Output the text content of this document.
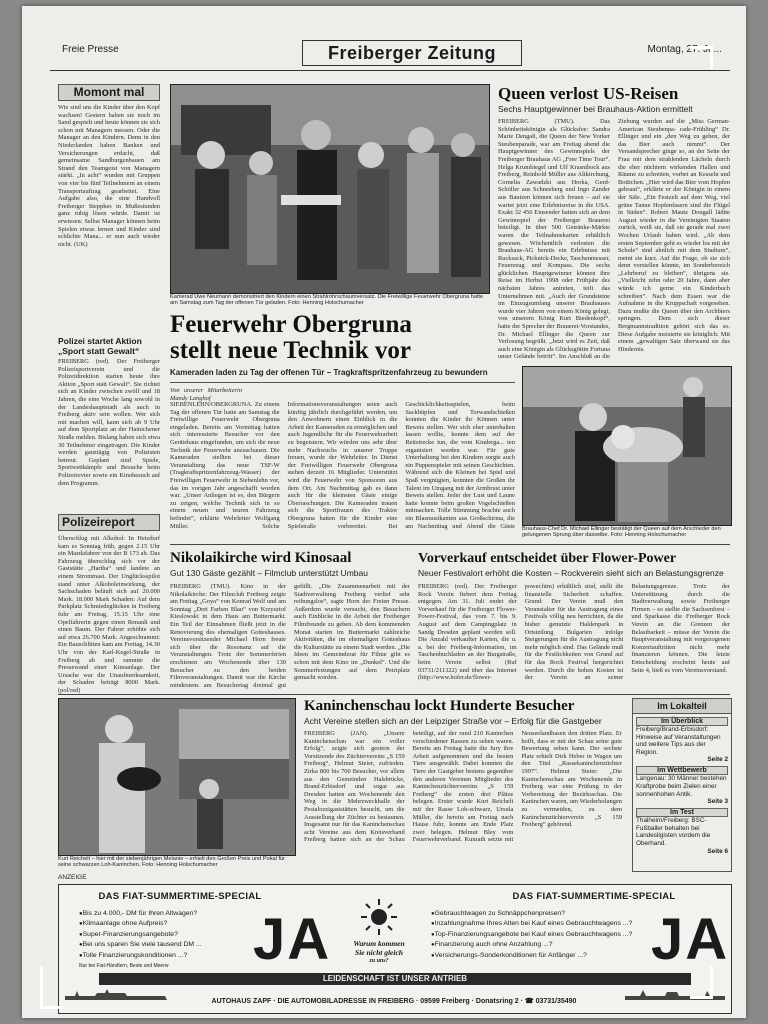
Freie Presse	Freiberger Zeitung	Montag, 27. Ju...
Momont mal
Wie sind uns die Kinder über den Kopf wachsen! Gestern haben sie noch im Sand gespielt und heute können sie sich schon mit Managern messen. Oder die Manager an den Kindern. Denn in den Niederlanden haben Banken und Versicherungen erdacht, daß gemeinsame Sandburgenbauen am Strand den Teamgeist von Managern stärkt. „In acht“ wurden mit Gruppen von vier bis fünf Teilnehmern an einem Transportauftrag gearbeitet. Eine Aufgabe also, die eine Handvoll Freiberger Steppkes in Mußestunden ganz ruhig lösen würde. Damit ist erwiesen: Selbst Manager können beim Spielen etwas lernen und Kinder sind schlichte Mana... er nun auch wieder nicht. (UK)
Polizei startet Aktion „Sport statt Gewalt“
FREIBERG (red). Der Freiberger Polizeisportverein und die Polizeidirektion starten heute ihre Aktion „Sport statt Gewalt“. Sie richtet sich an Kinder zwischen zwölf und 18 Jahren, die eine Woche lang sowohl in der Landeshauptstadt als auch in Freiberg aktiv sein wollen. Wer sich mit machen will, kann sich ab 9 Uhr auf dem Sportplatz an der Hainichener Straße melden. Bislang haben sich etwa 30 Teilnehmer eingetragen. Die Kinder werden ganztägig von Polizisten betreut. Geplant sind Spiele, Sportwettkämpfe und Besuche beim Polizeirevier sowie ein Kinobesuch auf dem Programm.
Polizeireport
Überschlug mit Alkohol: In Hetzdorf kam es Sonntag früh, gegen 2.15 Uhr ein Mazdafahrer von der B 173 ab. Das Fahrzeug überschlug sich vor der Gaststätte „Hartha“ und landete an einem Strommast. Der Unglücksspilot stand unter Alkoholeinwirkung, der Sachschaden beläuft sich auf 20.000 Mark. 18.000 Mark Schaden: Auf dem Parkplatz Schmiedeglücken in Freiberg fuhr am Freitag, 15.15 Uhr eine Opelfahrerin gegen einen Renault und einen Baum. Der Fahrer erhöhte sich auf etwa 26.700 Mark. Angeschrammt: Ein Bauschlitten kam am Freitag, 14.30 Uhr von der Karl-Kegel-Straße in Freiberg ab und rammte die Pressewand einer Kinoanlage. Der Ursache war die Unaufmerksamkeit, der Schaden beträgt 8000 Mark. (pol/red)
Kamerad Uwe Neumann demonstriert den Kindern einen Strahlrohrschaumversatz. Die Freiwillige Feuerwehr Obergruna hatte am Samstag zum Tag der offenen Tür geladen. Foto: Henning Holschumacher
Feuerwehr Obergruna
stellt neue Technik vor
Kameraden laden zu Tag der offenen Tür – Tragkraftspritzenfahrzeug zu bewundern
Von unserer Mitarbeiterin Mandy Langhof
SIEBENLEHN/OBERGRUNA. Zu einem Tag der offenen Tür hatte am Samstag die Freiwillige Feuerwehr Obergruna eingeladen. Bereits am Vormittag hatten sich interessierte Besucher vor den Gerätehaus eingefunden, um sich die neue Technik der Feuerwehr anzuschauen. Die Kameraden stellten bei dieser Veranstaltung das neue TSF-W (Tragkraftspritzenfahrzeug-Wasser) der Freiwilligen Feuerwehr in Siebenlehn vor, das im vorigen Jahr angeschafft worden war. „Unser Anliegen ist es, den Bürgern zu zeigen, welche Technik sich in so einem neuen und teuren Fahrzeug befindet“, erklärte Wehrleiter Wolfgang Müller. Solche Informationsveranstaltungen seien auch künftig jährlich durchgeführt werden, um den Anwohnern einen Einblick in die Arbeit der Kameraden zu ermöglichen und auch Jugendliche für die Feuerwehrarbeit zu begeistern. Wir würden uns sehr über mehr Nachwuchs in unserer Truppe freuen, wurde der Wehrleiter. In Dienst der Freiwilligen Feuerwehr Obergruna stehen derzeit 16 Mitglieder. Unterstützt wird die Feuerwehr von Sponsoren aus dem Ort. Am Nachmittag gab es dann auch für die kleinsten Gäste einige Überraschungen. Die Kameraden trauen sich die Sportfrauen des Traktor Obergruna hatten für die Kinder eine Spielstraße vorbereitet. Bei Geschicklichkeitsspielen, beim Sackhüpfen und Torwandschießen konnten die Kinder ihr Können unter Beweis stellen. Wer sich eher unterhalten lassen wollte, konnte dem auf der Reitstrecke tun, die vom Kinderga... ten organisiert werden war. Für gute Unterhaltung bei den Kindern sorgte auch ein Puppenspieler mit seinen Geschichten. Während sich die Kleinen bei Spiel und Spaß vergnügten, konnten die Großen ihr Talent im Umgang mit der Armbrust unter Beweis stellen. Jeder der Lust und Laune hatte konnte beim großen Vogelschießen mitmachen. Tolle Stimmung brachte auch ein Blasmusikanten aus Großschirma, die am Nachmittag und Abend die Gäste
Queen verlost US-Reisen
Sechs Hauptgewinner bei Brauhaus-Aktion ermittelt
FREIBERG (TMU). Das Schönheitskönigin als Glücksfee: Sandra Marie Dengali, die Queen der New Yorker Steubenparade, war am Freitag abend die Hauptgewinner des Gewinnspiels der Freiberger Brauhaus AG „Free Time Tour“. Helga Krumbiegel und Ulf Krasnibock aus Freiberg, Reinhold Müller aus Altkirchung, Cornelia Zawadzki aus Horka, Gerd-Schöller aus Schneeberg und Ingo Zander aus Bautzen können sich freuen – auf sie wartet jetzt eine Erlebnisreise in die USA. Exakt 32 456 Einsender hatten sich an dem Gewinnspiel der Freiberger Brauerei beteiligt. In über 500 Getränke-Märkte waren die Teilnahmekarten erhältlich gewesen. Wöchentlich verlosten die Brauhaus-AG bereits ein Erlebnisse mit Rucksack, Picknick-Decke, Taschenmesser, Feuerzeug und Kompass. Die sechs glücklichen Hauptgewinner können ihre Reise im Herbst 1998 oder Frühjahr des nächsten Jahres antreten, teilt das Unternehmen mit. „Auch der Grundsteine im Einzugsumfang unserer Brauhauses wurde vier Jahren von einem König gelegt, von unserem König Kurt Biedenkopf“, hatte der Sprecher der Brauerei-Vorstandes, Dr. Michael Ellinger die Queen zur Verlosung begrüßt. „Jetzt wird es Zeit, daß auch eine Königin als Glücksgöttin Fortuna unser Gelände betritt“. Im Anschluß an die Ziehung wurden auf die „Miss German-American Steubenpa- rade-Frühling“ Dr. Ellinger und ein „den Weg zu gehen, der das Bier auch nimmt“. Der Versandsprecher ginge so, an der Seite der Frau mit dem strahlenden Lächeln durch die eher nüchtern wirkenden Hallen und Räume zu schreiten, vorbei an Kesseln und Bottichen. „Hier wird das Bier vom Hopfen gebraut“, erklärte er der Königin in einem der Säle. „Ein Festzelt auf dem Weg, viel grüne Tanne Hopfenfasern sind die Flügel in Süden“. Robert Mautz Dougall lädtte August wieder in die Vereinigten Staaten zurück, weiß sie, daß sie gerade mal zwei Wochen Urlaub haben wird. „Ab dem ersten September geht es wieder los mit der Schule“ sind ahnlich mit dem Studium“, meint sie kurz. Auf die Frage, ob sie sich denn vorstellen könnte, im Sonderbereich „Lehrberuf zu bleiben“, übrigens sie. „Vielleicht zehn oder 20 Jahre, dann aber würde ich gerne ein Kinderbuch schreiben“. Nach dem Essen war die Aufnahme in die Kruppschaft vorgesehen. Dazu mußte die Queen über den Archbiers springen. Dem sich dieser Bergmannstradition gehört sich das so. Diese Aufgabe meisterte sie königlich: Mit einem „gewaltigen Satz überwand sie das Hindernis.
Brauhaus-Chef Dr. Michael Ellinger bestätigt der Queen auf dem Arschleder den gelungenen Sprung über dasselbe. Foto: Henning Holschumacher
Nikolaikirche wird Kinosaal
Gut 130 Gäste gezählt – Filmclub unterstützt Umbau
FREIBERG (TMU). Kino in der Nikolaikirche: Der Filmclub Freiberg zeigte am Freitag „Goya“ von Konrad Wolf und am Sonntag „Drei Farben Blau“ von Krzysztof Kieslowski in dem Haus am Buttermarkt. Ein Teil der Einnahmen fließt jetzt in die Renovierung des ehemaligen Gotteshauses. Vereinsvorsitzender Michael Horn freute sich über die Resonanz auf die Veranstaltungen. Trotz der Sommerferien erschienen am Wochenende über 130 Besucher zu den beiden Filmveranstaltungen. Damit war die Kirche mindestens am Besuchertag dreimal gut gefüllt. „Die Zusammenarbeit mit der Stadtverwaltung Freiberg verlief sehr reibungslos“, sagte Horn der Freien Presse. Außerdem wurde versucht, den Besuchern auch Einblicke in die Arbeit der Freiberger Filmfreunde zu geben. Ab dem kommenden Monat starten im Buttermarkt zahlreiche Aktivitäten, die im ehemaligen Gotteshaus die Kulturstätte zu einem Stadt werden. „Die Ideen im Gemeinderat für Filme gibt es schon mit dem Kino im „Dunkel“. Und die Sommerfestungen auf dem Petriplatz gemacht worden.
Vorverkauf entscheidet über Flower-Power
Neuer Festivalort erhöht die Kosten – Rockverein sieht sich an Belastungsgrenze
FREIBERG (red). Der Freiberger Rock Verein fiebert dem Freitag entgegen. Am 31. Juli endet der Vorverkauf für die Freiberger Flower-Power-Festival, das vom 7. bis 9. August auf dem Campingplatz in Sandg Dresden geplant werden soll. Die Anzahl verkaufter Karten, die u. a. bei der Freiberg-Information, im Taschenbuchladen an der Burgstraße, beim Verein selbst (Ruf 03731/211322) und über das Internet (http://www.hofer.de/flower-power.htm) erhältlich sind, stellt die finanzielle Sicherheit schaffen. Grund: Der Verein muß den Veranstalter für die Austragung eines Festivals völlig neu herrichten, da die bisher genutzte Haldenpark in Ortsteilung Bulgarien infolge Steigerungen für die Austragung nicht mehr möglich sind. Das Gelände muß für die Festlichkeiten von Grund auf für das Rock Festival hergerichtet werden. Durch die hohen Kosten ist der Verein an seiner Belastungsgrenze. Trotz der Unterstützung durch die Stadtverwaltung sowie Freiberger Firmen – so stellte die Sachsenforst – und Sparkasse die Freiberger Rock Verein an die Grenzen der Belastbarkeit – müsse der Verein die Hauptveranstaltung mit vorgezogenen Konzertauftritten nicht mehr finanzieren können. Die letzte Entscheidung erscheint heute auf Seite 4, hieß es vom Vereinsvorstand.
Kurt Reichelt – hier mit der siebenjährigen Melanie – erhielt den Großen Preis und Pokal für seine schwarzen Loh-Kaninchen. Foto: Henning Holschumacher
Kaninchenschau lockt Hunderte Besucher
Acht Vereine stellen sich an der Leipziger Straße vor – Erfolg für die Gastgeber
FREIBERG (JAN). „Unsere Kaninchenschau war ein voller Erfolg“, zeigte sich gestern der Vorsitzende des Züchtervereins „S 159 Freiberg“, Helmut Steier, zufrieden. Zirka 800 bis 700 Besucher, vor allem aus den Gemeinden Halsbrücke, Brand-Erbisdorf und sogar aus Dresden hatten am Wochenende den Weg in die Mehrzweckhalle der Pestalozzigaststätten besucht, um die Ausstellung der Züchter zu bestaunen. Insgesamt nur für das Kaninchenschau acht Vereine aus dem Kreisverband Freiberg hatten sich an der Schau beteiligt, auf der rund 210 Kaninchen verschiedener Rassen zu sehen waren. Bereits am Freitag hatte die Jury ihre Arbeit aufgenommen und die besten Tiere ausgewählt. Dabei konnten die Tiere der Gastgeber bestens gegenüber den anderen Vereinen Mitglieder des Kaninchenzüchtervereins „S 159 Freiberg“ die ersten drei Plätze belegen. Erster wurde Kurt Reichelt mit der Rasse Loh-schwarz, Ursula Müller, die bereits am Freitag nach Hause fuhr, konnte am Ende Platz zwei belegen. Helmut Bley vom Feuerwehrverband. Kunrath setzte mit Neuseelandhasen den dritten Platz. Er hofft, dass er mit der Schau seine gute Bewertung sehen kann. Der sechste Platz erhielt Dirk Heber in Wagen um den Titel „Rassekaninchenzüchter 1997“. Helmut Steier: „Die Kaninchenschau am Wochenende in Freiberg war eine Prüfung in der Vorbereitung der Bezirksschau. Die Kaninchen waren, um Wiederholungen zu vermeiden, zu dem Kaninchenzüchterverein „S 159 Freiberg“ gehörend.
Im Lokalteil
Im Überblick
Freiberg/Brand-Erbisdorf: Hinweise auf Veranstaltungen und weitere Tips aus der Region.
Seite 2
Im Wettbewerb
Langenau: 30 Männer bestehen Kraftprobe beim Zielen einer sonnenhohen Antik.
Seite 3
Im Test
Thalheim/Freiberg: BSC-Fußballer behalten bei Landesligisten vordem die Oberhand.
Seite 6
ANZEIGE
DAS FIAT-SUMMERTIME-SPECIAL	DAS FIAT-SUMMERTIME-SPECIAL
● Bis zu 4.000,- DM für Ihren Altwagen?
● Klimaanlage ohne Aufpreis?
● Super-Finanzierungsangebote?
● Bei uns sparen Sie viele tausend DM ...
● Tolle Finanzierungskonditionen ...?
Nur bei Fiat-Händlern, Beste und Meerw	JA	Warum kommen
Sie nicht gleich
zu uns?
● Gebrauchtwagen zu Schnäppchenpreisen?
● Inzahlungnahme Ihres Alten bei Kauf eines Gebrauchtwagens ...?
● Top-Finanzierungsangebote bei Kauf eines Gebrauchtwagens ...?
● Finanzierung auch ohne Anzahlung ...?
● Versicherungs-Sonderkonditionen für Anfänger ...?	JA
LEIDENSCHAFT IST UNSER ANTRIEB
AUTOHAUS ZAPF · DIE AUTOMOBILADRESSE IN FREIBERG · 09599 Freiberg · Donatsring 2 · ☎ 03731/35490
